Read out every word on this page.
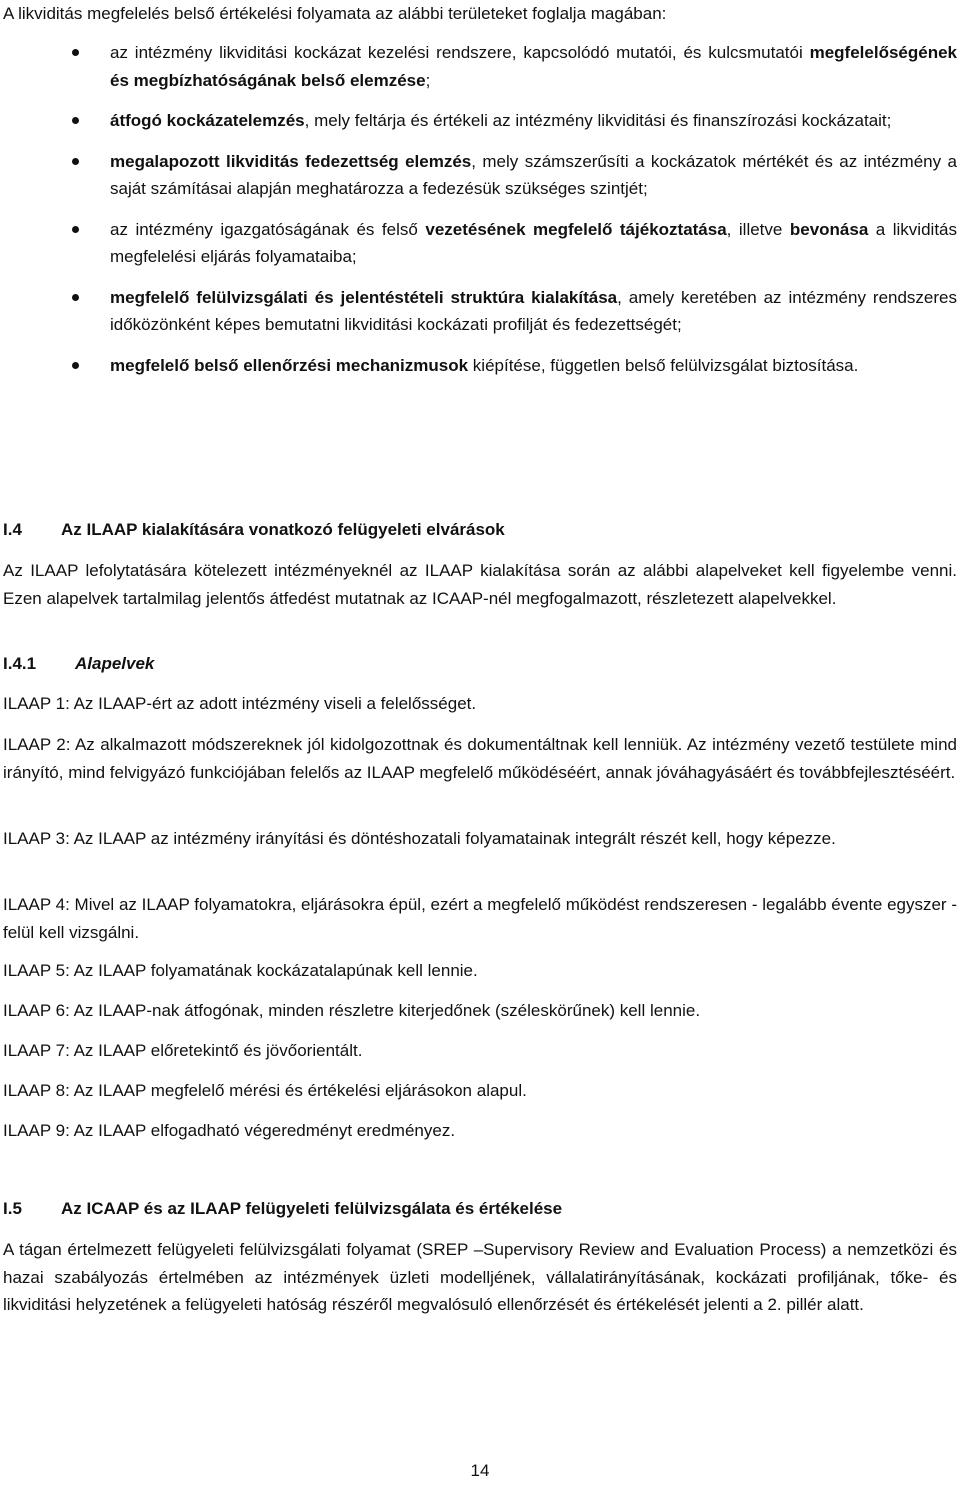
A likviditás megfelelés belső értékelési folyamata az alábbi területeket foglalja magában:

az intézmény likviditási kockázat kezelési rendszere, kapcsolódó mutatói, és kulcsmutatói megfelelőségének és megbízhatóságának belső elemzése;
átfogó kockázatelemzés, mely feltárja és értékeli az intézmény likviditási és finanszírozási kockázatait;
megalapozott likviditás fedezettség elemzés, mely számszerűsíti a kockázatok mértékét és az intézmény a saját számításai alapján meghatározza a fedezésük szükséges szintjét;
az intézmény igazgatóságának és felső vezetésének megfelelő tájékoztatása, illetve bevonása a likviditás megfelelési eljárás folyamataiba;
megfelelő felülvizsgálati és jelentéstételi struktúra kialakítása, amely keretében az intézmény rendszeres időközönként képes bemutatni likviditási kockázati profilját és fedezettségét;
megfelelő belső ellenőrzési mechanizmusok kiépítése, független belső felülvizsgálat biztosítása.
I.4 Az ILAAP kialakítására vonatkozó felügyeleti elvárások

Az ILAAP lefolytatására kötelezett intézményeknél az ILAAP kialakítása során az alábbi alapelveket kell figyelembe venni. Ezen alapelvek tartalmilag jelentős átfedést mutatnak az ICAAP-nél megfogalmazott, részletezett alapelvekkel.

I.4.1 Alapelvek

ILAAP 1: Az ILAAP-ért az adott intézmény viseli a felelősséget.

ILAAP 2: Az alkalmazott módszereknek jól kidolgozottnak és dokumentáltnak kell lenniük. Az intézmény vezető testülete mind irányító, mind felvigyázó funkciójában felelős az ILAAP megfelelő működéséért, annak jóváhagyásáért és továbbfejlesztéséért.

ILAAP 3: Az ILAAP az intézmény irányítási és döntéshozatali folyamatainak integrált részét kell, hogy képezze.

ILAAP 4: Mivel az ILAAP folyamatokra, eljárásokra épül, ezért a megfelelő működést rendszeresen - legalább évente egyszer - felül kell vizsgálni.

ILAAP 5: Az ILAAP folyamatának kockázatalapúnak kell lennie.

ILAAP 6: Az ILAAP-nak átfogónak, minden részletre kiterjedőnek (széleskörűnek) kell lennie.

ILAAP 7: Az ILAAP előretekintő és jövőorientált.

ILAAP 8: Az ILAAP megfelelő mérési és értékelési eljárásokon alapul.

ILAAP 9: Az ILAAP elfogadható végeredményt eredményez.

I.5 Az ICAAP és az ILAAP felügyeleti felülvizsgálata és értékelése

A tágan értelmezett felügyeleti felülvizsgálati folyamat (SREP –Supervisory Review and Evaluation Process) a nemzetközi és hazai szabályozás értelmében az intézmények üzleti modelljének, vállalatirányításának, kockázati profiljának, tőke- és likviditási helyzetének a felügyeleti hatóság részéről megvalósuló ellenőrzését és értékelését jelenti a 2. pillér alatt.

14
